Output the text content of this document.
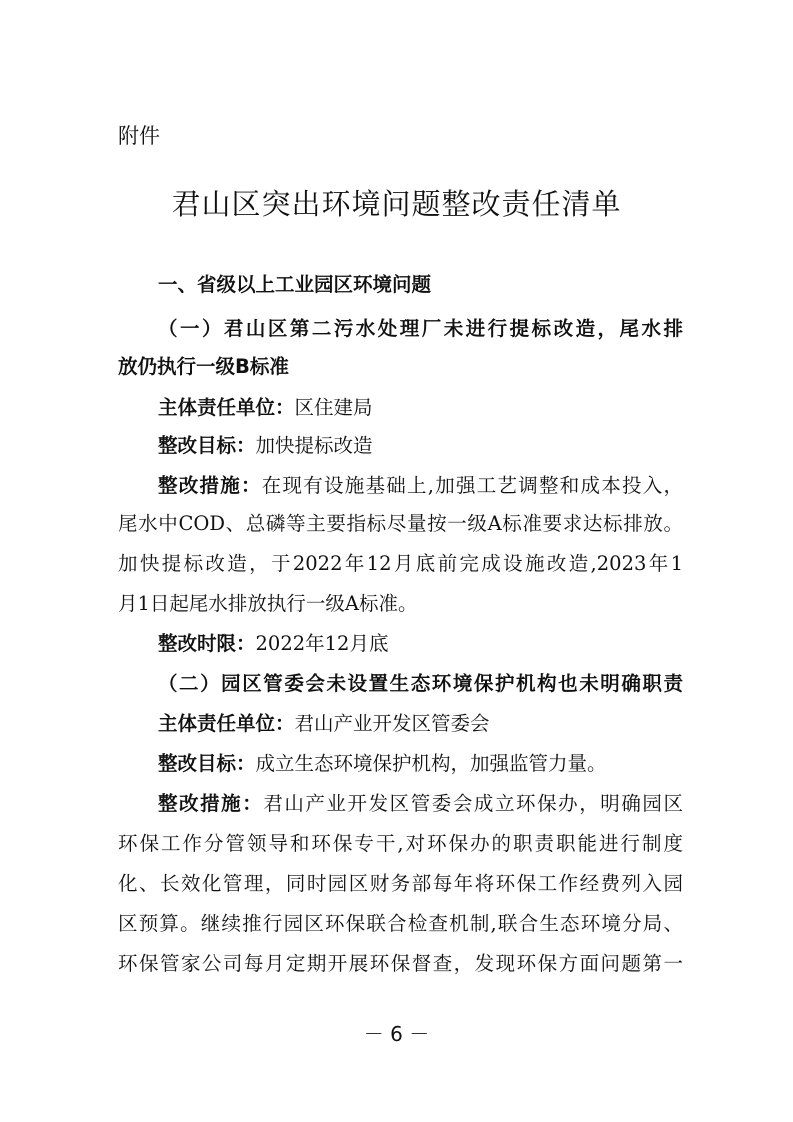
附件
君山区突出环境问题整改责任清单
一、省级以上工业园区环境问题
（一）君山区第二污水处理厂未进行提标改造，尾水排
放仍执行一级B标准
主体责任单位：区住建局
整改目标：加快提标改造
整改措施：在现有设施基础上,加强工艺调整和成本投入，
尾水中COD、总磷等主要指标尽量按一级A标准要求达标排放。
加快提标改造，于2022年12月底前完成设施改造,2023年1
月1日起尾水排放执行一级A标准。
整改时限：2022年12月底
（二）园区管委会未设置生态环境保护机构也未明确职责
主体责任单位：君山产业开发区管委会
整改目标：成立生态环境保护机构，加强监管力量。
整改措施：君山产业开发区管委会成立环保办，明确园区
环保工作分管领导和环保专干,对环保办的职责职能进行制度
化、长效化管理，同时园区财务部每年将环保工作经费列入园
区预算。继续推行园区环保联合检查机制,联合生态环境分局、
环保管家公司每月定期开展环保督查，发现环保方面问题第一
－ 6 －
